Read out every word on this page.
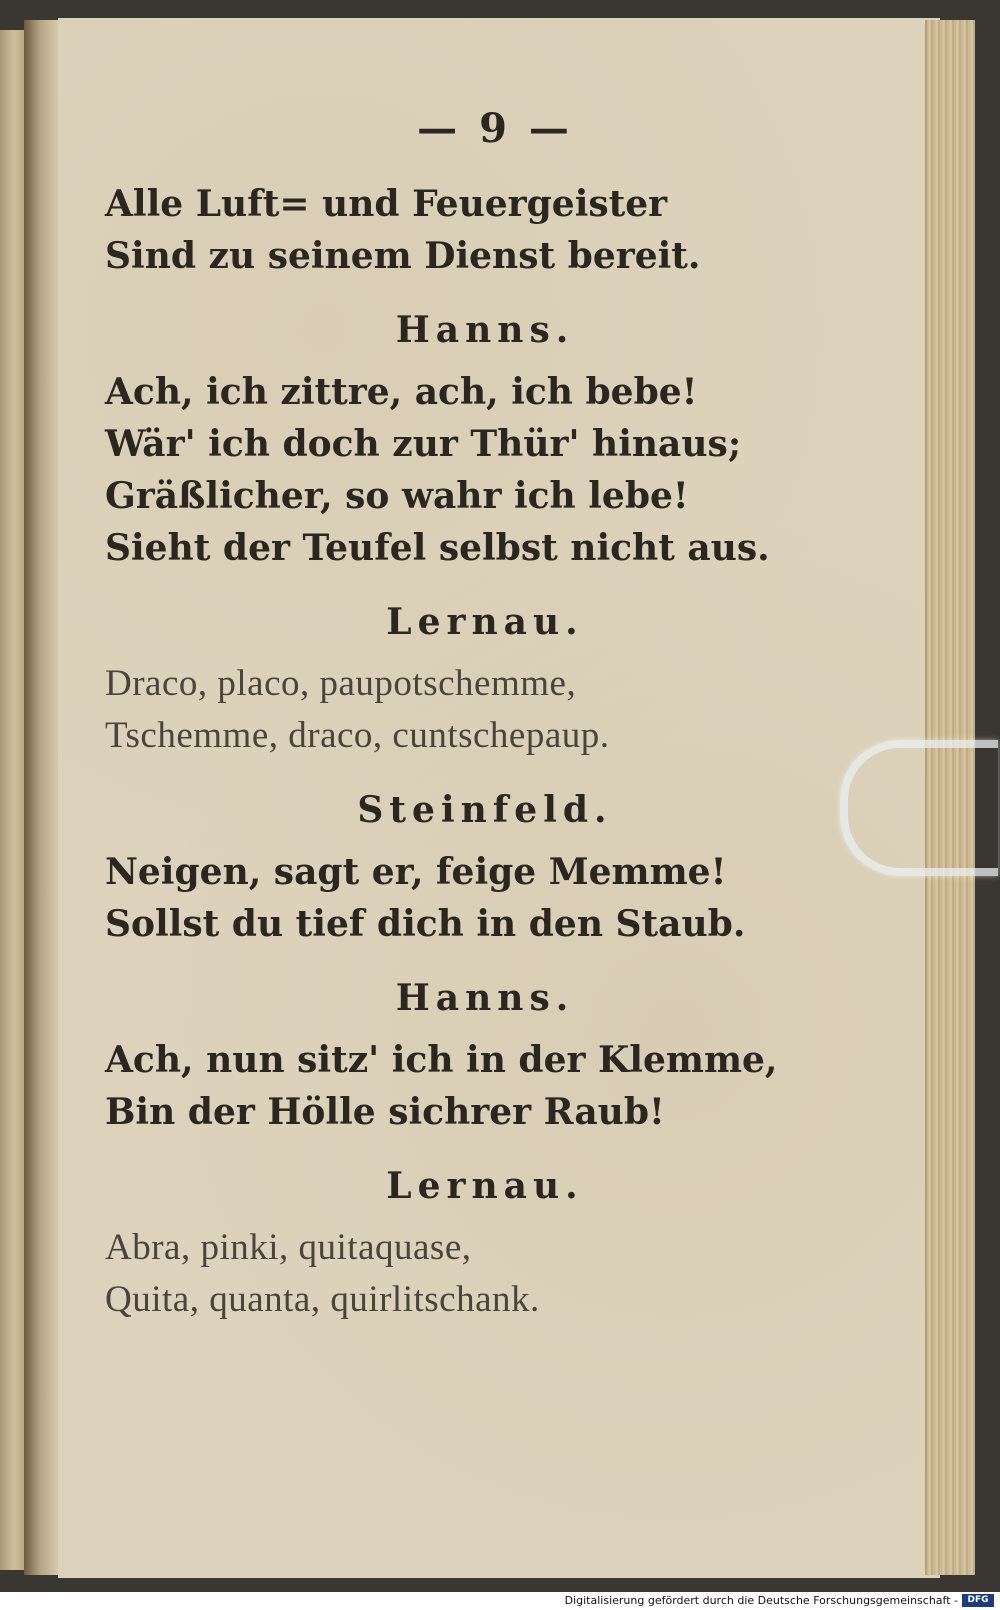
— 9 —
Alle Luft= und Feuergeister
Sind zu seinem Dienst bereit.
Hanns.
Ach, ich zittre, ach, ich bebe!
Wär' ich doch zur Thür' hinaus;
Gräßlicher, so wahr ich lebe!
Sieht der Teufel selbst nicht aus.
Lernau.
Draco, placo, paupotschemme,
Tschemme, draco, cuntschepaup.
Steinfeld.
Neigen, sagt er, feige Memme!
Sollst du tief dich in den Staub.
Hanns.
Ach, nun sitz' ich in der Klemme,
Bin der Hölle sichrer Raub!
Lernau.
Abra, pinki, quitaquase,
Quita, quanta, quirlitschank.
Digitalisierung gefördert durch die Deutsche Forschungsgemeinschaft -	DFG
